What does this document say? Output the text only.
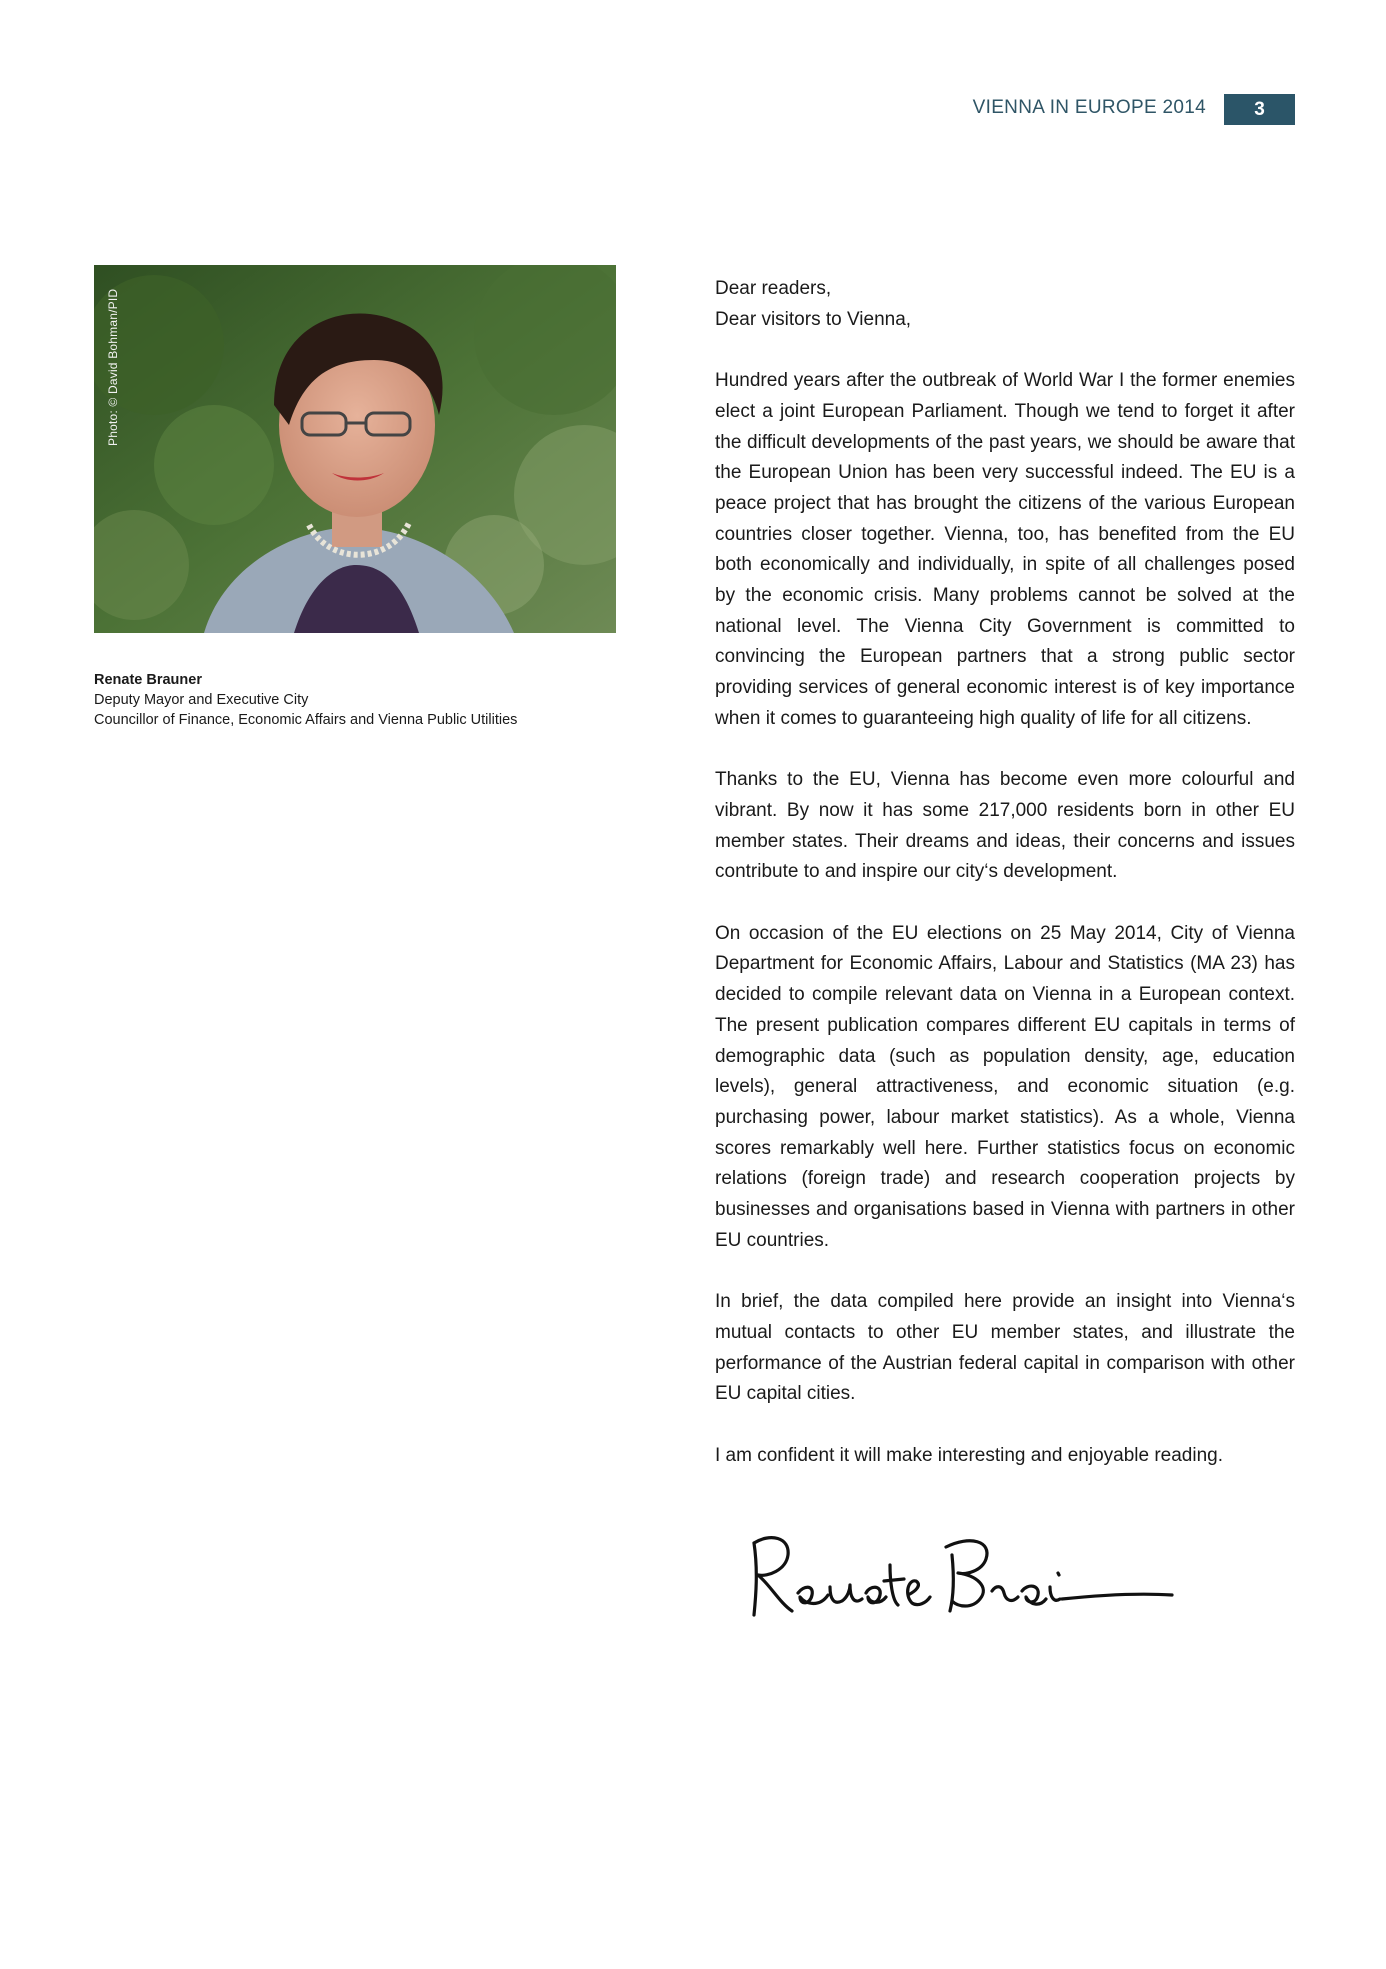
VIENNA IN EUROPE 2014	3
Photo: © David Bohman/PID
Renate Brauner
Deputy Mayor and Executive City
Councillor of Finance, Economic Affairs and Vienna Public Utilities

Dear readers,
Dear visitors to Vienna,

Hundred years after the outbreak of World War I the former enemies elect a joint European Parliament. Though we tend to forget it after the difficult developments of the past years, we should be aware that the European Union has been very successful indeed. The EU is a peace project that has brought the citizens of the various European countries closer together. Vienna, too, has benefited from the EU both economically and individually, in spite of all challenges posed by the economic crisis. Many problems cannot be solved at the national level. The Vienna City Government is committed to convincing the European partners that a strong public sector providing services of general economic interest is of key importance when it comes to guaranteeing high quality of life for all citizens.

Thanks to the EU, Vienna has become even more colourful and vibrant. By now it has some 217,000 residents born in other EU member states. Their dreams and ideas, their concerns and issues contribute to and inspire our city‘s development.

On occasion of the EU elections on 25 May 2014, City of Vienna Department for Economic Affairs, Labour and Statistics (MA 23) has decided to compile relevant data on Vienna in a European context. The present publication compares different EU capitals in terms of demographic data (such as population density, age, education levels), general attractiveness, and economic situation (e.g. purchasing power, labour market statistics). As a whole, Vienna scores remarkably well here. Further statistics focus on economic relations (foreign trade) and research cooperation projects by businesses and organisations based in Vienna with partners in other EU countries.

In brief, the data compiled here provide an insight into Vienna‘s mutual contacts to other EU member states, and illustrate the performance of the Austrian federal capital in comparison with other EU capital cities.

I am confident it will make interesting and enjoyable reading.
